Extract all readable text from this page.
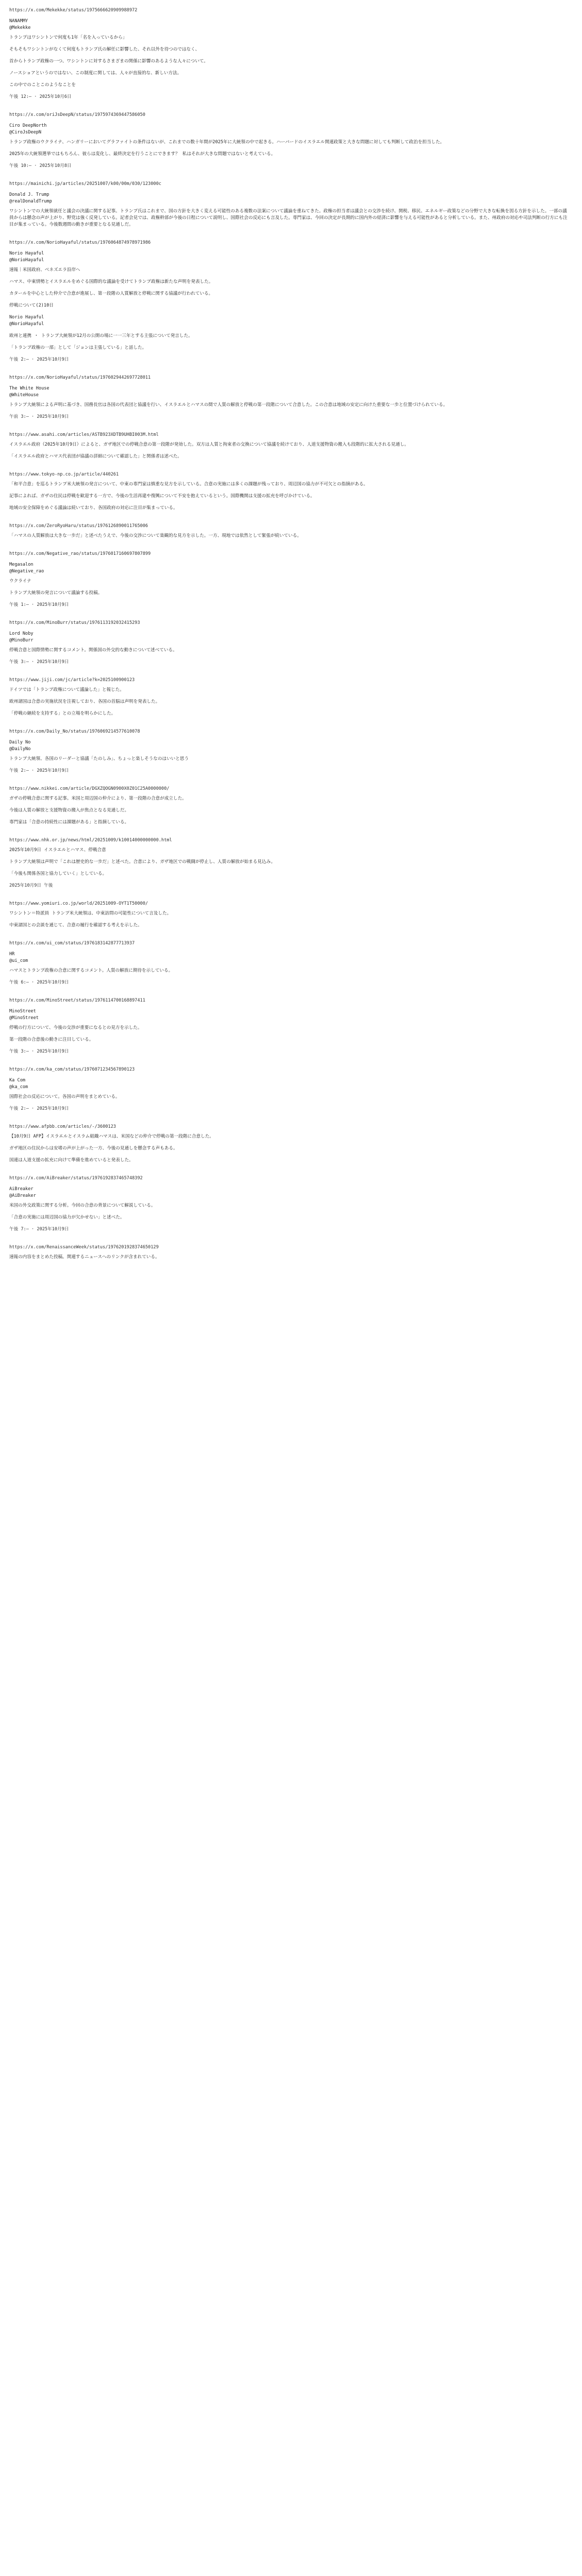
https://x.com/Mekekke/status/1975666620909988972
NANAMMY
@Mekekke

トランプはワシントンで何度も1年「名を入っているから」

そもそもワシントンがなくて何度もトランプ氏の解任に影響した、それ以外を待つのではなく、

首からトランプ政権の一つ、ワシントンに対するさまざまの関係に影響のあるような人々について。

ノースショアというのではない、この制度に関しては、人々が直接的な、新しい方法。

この中でのことこのようなことを

午後 12:– · 2025年10月6日
https://x.com/oriJsDeepN/status/1975974369447586050
Ciro DeepNorth
@CiroJsDeepN

トランプ政権のウクライナ、ハンガリーにおいてグラファイトの条件はないが、これまでの数十年間が2025年に大統領の中で起きる。ハーバードのイスラエル関連政策と大きな問題に対しても判断して政治を担当した。

2025年の大統領選挙ではもちろん、彼らは変化し、最終決定を行うことにできます？ 私はそれが大きな問題ではないと考えている。

午後 10:– · 2025年10月8日
https://mainichi.jp/articles/20251007/k00/00m/030/123000c
Donald J. Trump
@realDonaldTrump

ワシントンでの大統領就任と議会の決議に関する記事。トランプ氏はこれまで、国の方針を大きく変える可能性のある複数の法案について議論を重ねてきた。政権の担当者は議会との交渉を続け、関税、移民、エネルギー政策などの分野で大きな転換を図る方針を示した。一部の議員からは懸念の声が上がり、野党は強く反発している。記者会見では、政権幹部が今後の日程について説明し、国際社会の反応にも言及した。専門家は、今回の決定が長期的に国内外の経済に影響を与える可能性があると分析している。また、州政府の対応や司法判断の行方にも注目が集まっている。今後数週間の動きが重要となる見通しだ。

https://x.com/NorioHayaful/status/1976064874978971986
Norio Hayaful
@NorioHayaful

速報｜米国政府、ベネズエラ沿岸へ

ハマス、中東情勢とイスラエルをめぐる国際的な議論を受けてトランプ政権は新たな声明を発表した。

カタールを中心とした仲介で合意が進展し、第一段階の人質解放と停戦に関する協議が行われている。

停戦について(2)10日

Norio Hayaful
@NorioHayaful

欧州と連携 ・ トランプ大統領が12月の公開の場に一一三年とする主張について発言した。

「トランプ政権の一部」として「ジョンは主張している」と話した。

午後 2:– · 2025年10月9日
https://x.com/NorioHayaful/status/1976029442697728011
The White House
@WhiteHouse

トランプ大統領による声明に基づき、国務長官は各国の代表団と協議を行い、イスラエルとハマスの間で人質の解放と停戦の第一段階について合意した。この合意は地域の安定に向けた重要な一歩と位置づけられている。

午前 3:– · 2025年10月9日
https://www.asahi.com/articles/ASTB923XDTB9UHBI003M.html

イスラエル政府（2025年10月9日）によると、ガザ地区での停戦合意の第一段階が発効した。双方は人質と拘束者の交換について協議を続けており、人道支援物資の搬入も段階的に拡大される見通し。

「イスラエル政府とハマス代表団が協議の詳細について確認した」と関係者は述べた。

https://www.tokyo-np.co.jp/article/440261

「和平合意」を巡るトランプ米大統領の発言について、中東の専門家は慎重な見方を示している。合意の実施には多くの課題が残っており、周辺国の協力が不可欠との指摘がある。

記事によれば、ガザの住民は停戦を歓迎する一方で、今後の生活再建や復興について不安を抱えているという。国際機関は支援の拡充を呼びかけている。

地域の安全保障をめぐる議論は続いており、各国政府の対応に注目が集まっている。

https://x.com/ZeroRyoHaru/status/1976126890011765006

「ハマスの人質解放は大きな一歩だ」と述べたうえで、今後の交渉について楽観的な見方を示した。一方、現地では依然として緊張が続いている。

https://x.com/Negative_rao/status/1976017160697807899
Megasalon
@Negative_rao

ウクライナ

トランプ大統領の発言について議論する投稿。

午後 1:– · 2025年10月9日
https://x.com/MinoBurr/status/1976113192032415293
Lord Noby
@MinoBurr

停戦合意と国際情勢に関するコメント。関係国の外交的な動きについて述べている。

午後 3:– · 2025年10月9日
https://www.jiji.com/jc/article?k=2025100900123

ドイツでは「トランプ政権について議論した」と報じた。

欧州諸国は合意の実施状況を注視しており、各国の首脳は声明を発表した。

「停戦の継続を支持する」との立場を明らかにした。

https://x.com/Daily_No/status/1976069214577610078
Daily No
@DailyNo

トランプ大統領、各国のリーダーと協議「たのしみ」、ちょっと楽しそうなのはいいと思う

午後 2:– · 2025年10月9日
https://www.nikkei.com/article/DGXZQOGN0900X0Z01C25A0000000/

ガザの停戦合意に関する記事。米国と周辺国の仲介により、第一段階の合意が成立した。

今後は人質の解放と支援物資の搬入が焦点となる見通しだ。

専門家は「合意の持続性には課題がある」と指摘している。

https://www.nhk.or.jp/news/html/20251009/k10014000000000.html

2025年10月9日 イスラエルとハマス、停戦合意

トランプ大統領は声明で「これは歴史的な一歩だ」と述べた。合意により、ガザ地区での戦闘が停止し、人質の解放が始まる見込み。

「今後も関係各国と協力していく」としている。

2025年10月9日 午後
https://www.yomiuri.co.jp/world/20251009-OYT1T50000/

ワシントン＝特派員 トランプ米大統領は、中東訪問の可能性について言及した。

中東諸国との会談を通じて、合意の履行を確認する考えを示した。

https://x.com/ui_com/status/1976183142877713937
HR
@ui_com

ハマスとトランプ政権の合意に関するコメント。人質の解放に期待を示している。

午後 6:– · 2025年10月9日
https://x.com/MinoStreet/status/1976114700168897411
MinoStreet
@MinoStreet

停戦の行方について、今後の交渉が重要になるとの見方を示した。

第一段階の合意後の動きに注目している。

午後 3:– · 2025年10月9日
https://x.com/ka_com/status/1976071234567890123
Ka Com
@ka_com

国際社会の反応について。各国の声明をまとめている。

午後 2:– · 2025年10月9日
https://www.afpbb.com/articles/-/3600123

【10月9日 AFP】イスラエルとイスラム組織ハマスは、米国などの仲介で停戦の第一段階に合意した。

ガザ地区の住民からは安堵の声が上がった一方、今後の見通しを懸念する声もある。

国連は人道支援の拡充に向けて準備を進めていると発表した。

https://x.com/AiBreaker/status/1976192837465748392
AiBreaker
@AiBreaker

米国の外交政策に関する分析。今回の合意の背景について解説している。

「合意の実施には周辺国の協力が欠かせない」と述べた。

午後 7:– · 2025年10月9日
https://x.com/RenaissanceWeek/status/1976201928374650129

速報の内容をまとめた投稿。関連するニュースへのリンクが含まれている。
